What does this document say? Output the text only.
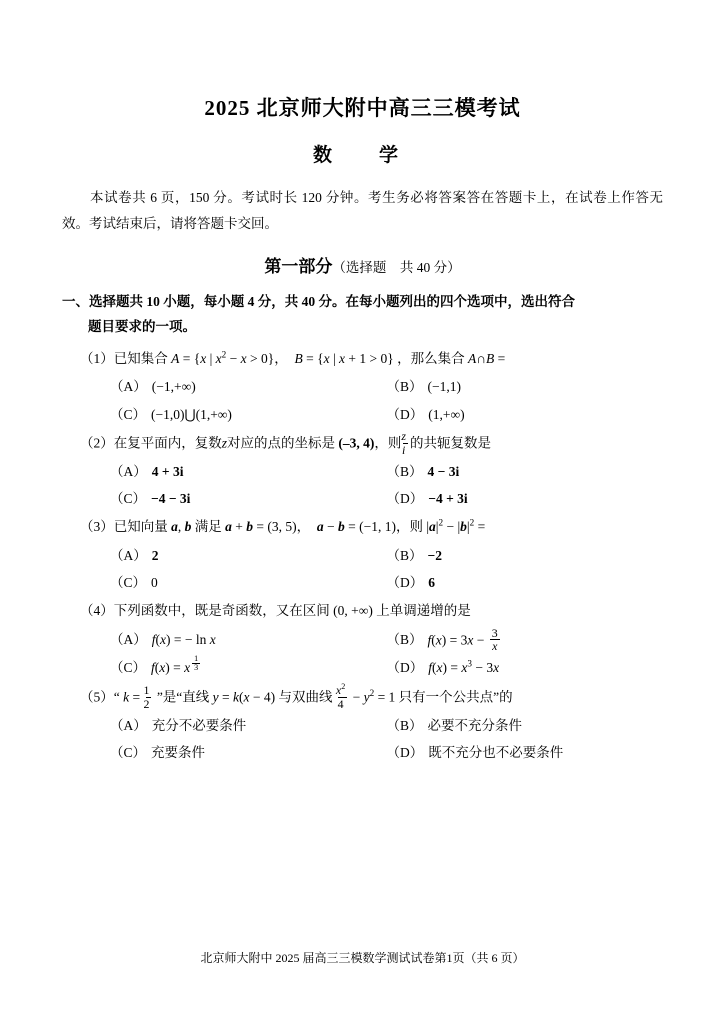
2025 北京师大附中高三三模考试
数　学

本试卷共 6 页，150 分。考试时长 120 分钟。考生务必将答案答在答题卡上，在试卷上作答无效。考试结束后，请将答题卡交回。

第一部分（选择题　共 40 分）
一、选择题共 10 小题，每小题 4 分，共 40 分。在每小题列出的四个选项中，选出符合
题目要求的一项。
（1）已知集合 A = {x | $x^2 - x > 0$}，  B = {x | x + 1 > 0} ，那么集合 A∩B =
（A） (−1,+∞)	（B） (−1,1)
（C） (−1,0)⋃(1,+∞)	（D） (1,+∞)
（2）在复平面内，复数z对应的点的坐标是 (–3, 4)，则 $\frac{z}{i}$ 的共轭复数是
（A） 4 + 3i	（B） 4 − 3i
（C） −4 − 3i	（D） −4 + 3i
（3）已知向量 a, b 满足 a + b = (3, 5)，  a − b = (−1, 1)，则 $|a|^2 - |b|^2$ =
（A） 2	（B） −2
（C） 0	（D） 6
（4）下列函数中，既是奇函数，又在区间 (0, +∞) 上单调递增的是
（A） f(x) = − ln x	（B） $f(x) = 3x - \frac{3}{x}$
（C） f(x) = x $^{\frac{1}{3}}$	（D） $f(x) = x^3 - 3x$
（5）“ $k = \frac{1}{2}$ ”是“直线 y = k(x − 4) 与双曲线 $\frac{x^2}{4} - y^2 = 1$ 只有一个公共点”的
（A） 充分不必要条件	（B） 必要不充分条件
（C） 充要条件	（D） 既不充分也不必要条件
北京师大附中 2025 届高三三模数学测试试卷第1页（共 6 页）
